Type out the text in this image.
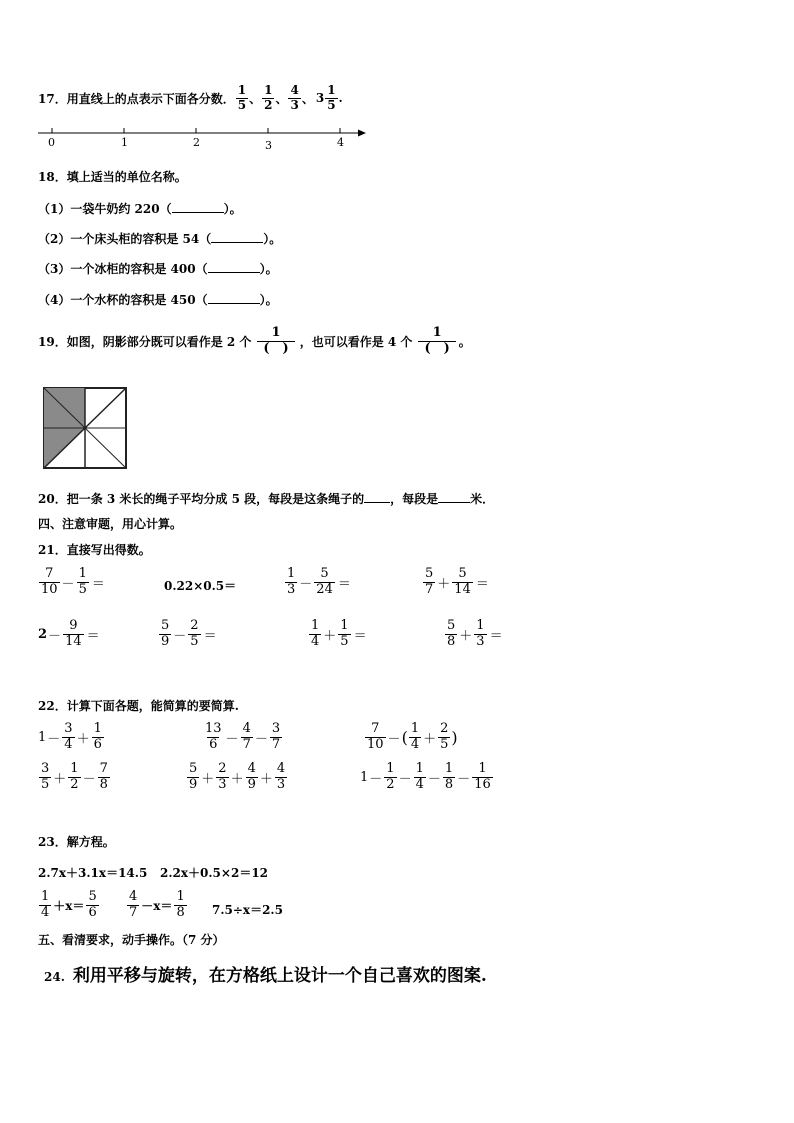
17．用直线上的点表示下面各分数． $\frac{1}{5}$ 、 $\frac{1}{2}$ 、 $\frac{4}{3}$ 、 $3 \frac{1}{5}$ .
0	1	2	3	4
18．填上适当的单位名称。
（1）一袋牛奶约 220（	）。
（2）一个床头柜的容积是 54（	）。
（3）一个冰柜的容积是 400（	）。
（4）一个水杯的容积是 450（	）。
19．如图，阴影部分既可以看作是 2 个 $\frac{1}{( )}$ ，也可以看作是 4 个 $\frac{1}{( )}$ 。
20．把一条 3 米长的绳子平均分成 5 段，每段是这条绳子的 ，每段是	米．
四、注意审题，用心计算。
21．直接写出得数。
$\frac{7}{10} - \frac{1}{5}$ ＝	0.22×0.5＝	$\frac{1}{3} - \frac{5}{24}$ ＝	$\frac{5}{7} + \frac{5}{14}$ ＝
$2 - \frac{9}{14}$ ＝	$\frac{5}{9} - \frac{2}{5}$ ＝	$\frac{1}{4} + \frac{1}{5}$ ＝	$\frac{5}{8} + \frac{1}{3}$ ＝
22．计算下面各题，能简算的要简算.
$1 - \frac{3}{4} + \frac{1}{6}$	$\frac{13}{6} - \frac{4}{7} - \frac{3}{7}$	$\frac{7}{10}$ － ( $\frac{1}{4} + \frac{2}{5}$ )
$\frac{3}{5} + \frac{1}{2} - \frac{7}{8}$	$\frac{5}{9} + \frac{2}{3} + \frac{4}{9} + \frac{4}{3}$	$1 - \frac{1}{2} - \frac{1}{4} - \frac{1}{8} - \frac{1}{16}$
23．解方程。
2.7x＋3.1x＝14.5 2.2x＋0.5×2＝12
$\frac{1}{4} +x= \frac{5}{6} \frac{4}{7} -x= \frac{1}{8} 7.5\div x=2.5$
五、看清要求，动手操作。（7 分）
24. 利用平移与旋转，在方格纸上设计一个自己喜欢的图案.
